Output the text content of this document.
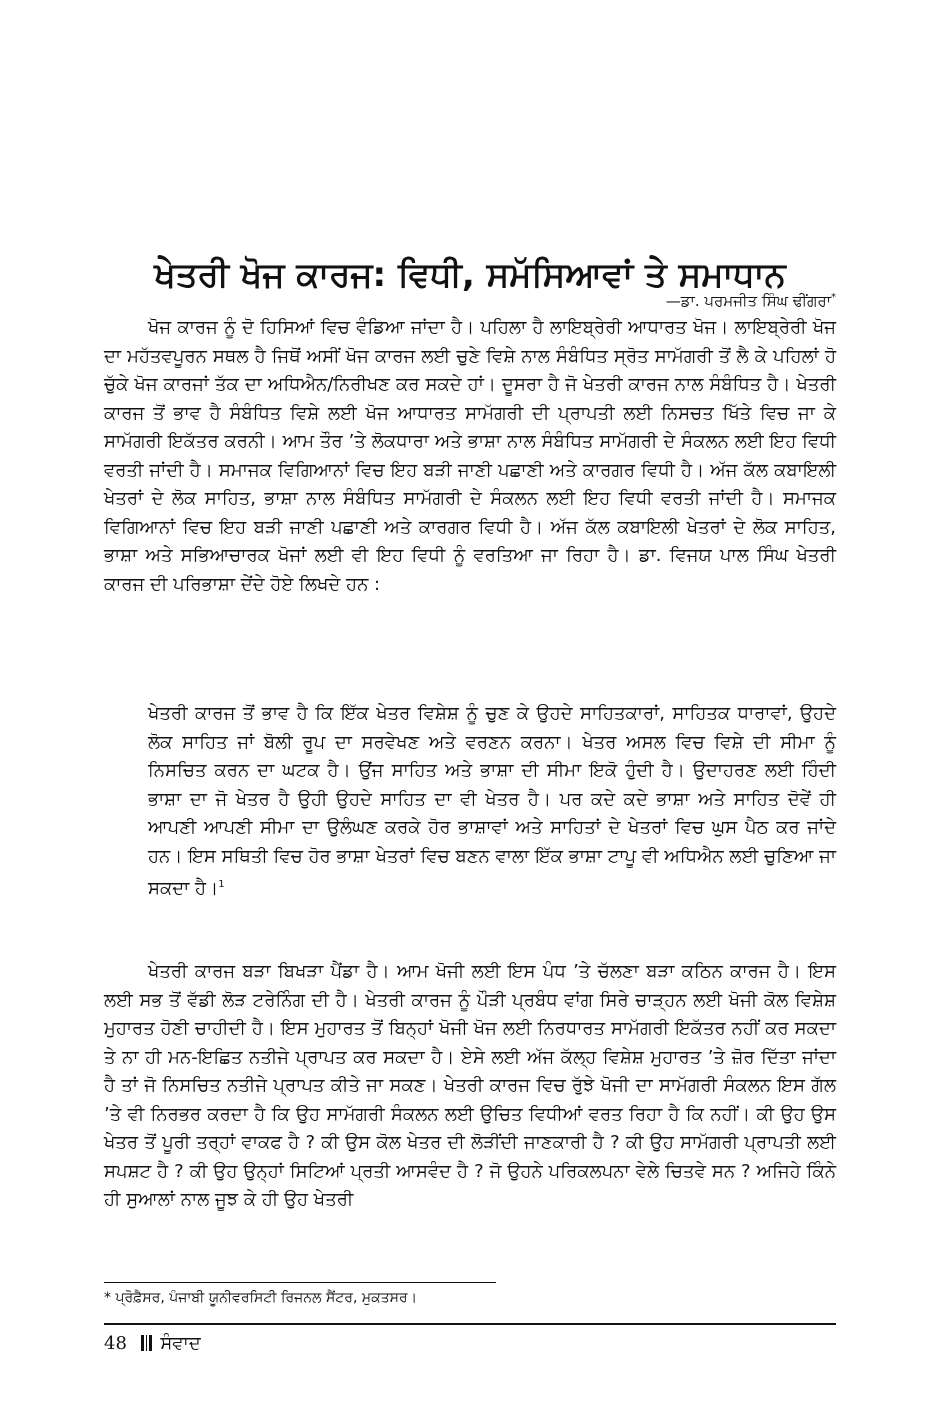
ਖੇਤਰੀ ਖੋਜ ਕਾਰਜ: ਵਿਧੀ, ਸਮੱਸਿਆਵਾਂ ਤੇ ਸਮਾਧਾਨ
—ਡਾ. ਪਰਮਜੀਤ ਸਿੰਘ ਢੀਂਗਰਾ*

ਖੋਜ ਕਾਰਜ ਨੂੰ ਦੋ ਹਿਸਿਆਂ ਵਿਚ ਵੰਡਿਆ ਜਾਂਦਾ ਹੈ। ਪਹਿਲਾ ਹੈ ਲਾਇਬ੍ਰੇਰੀ ਆਧਾਰਤ ਖੋਜ। ਲਾਇਬ੍ਰੇਰੀ ਖੋਜ ਦਾ ਮਹੱਤਵਪੂਰਨ ਸਥਲ ਹੈ ਜਿਥੋਂ ਅਸੀਂ ਖੋਜ ਕਾਰਜ ਲਈ ਚੁਣੇ ਵਿਸ਼ੇ ਨਾਲ ਸੰਬੰਧਿਤ ਸ੍ਰੋਤ ਸਾਮੱਗਰੀ ਤੋਂ ਲੈ ਕੇ ਪਹਿਲਾਂ ਹੋ ਚੁੱਕੇ ਖੋਜ ਕਾਰਜਾਂ ਤੱਕ ਦਾ ਅਧਿਐਨ/ਨਿਰੀਖਣ ਕਰ ਸਕਦੇ ਹਾਂ। ਦੂਸਰਾ ਹੈ ਜੋ ਖੇਤਰੀ ਕਾਰਜ ਨਾਲ ਸੰਬੰਧਿਤ ਹੈ। ਖੇਤਰੀ ਕਾਰਜ ਤੋਂ ਭਾਵ ਹੈ ਸੰਬੰਧਿਤ ਵਿਸ਼ੇ ਲਈ ਖੋਜ ਆਧਾਰਤ ਸਾਮੱਗਰੀ ਦੀ ਪ੍ਰਾਪਤੀ ਲਈ ਨਿਸਚਤ ਖਿੱਤੇ ਵਿਚ ਜਾ ਕੇ ਸਾਮੱਗਰੀ ਇਕੱਤਰ ਕਰਨੀ। ਆਮ ਤੌਰ ’ਤੇ ਲੋਕਧਾਰਾ ਅਤੇ ਭਾਸ਼ਾ ਨਾਲ ਸੰਬੰਧਿਤ ਸਾਮੱਗਰੀ ਦੇ ਸੰਕਲਨ ਲਈ ਇਹ ਵਿਧੀ ਵਰਤੀ ਜਾਂਦੀ ਹੈ। ਸਮਾਜਕ ਵਿਗਿਆਨਾਂ ਵਿਚ ਇਹ ਬੜੀ ਜਾਣੀ ਪਛਾਣੀ ਅਤੇ ਕਾਰਗਰ ਵਿਧੀ ਹੈ। ਅੱਜ ਕੱਲ ਕਬਾਇਲੀ ਖੇਤਰਾਂ ਦੇ ਲੋਕ ਸਾਹਿਤ, ਭਾਸ਼ਾ ਨਾਲ ਸੰਬੰਧਿਤ ਸਾਮੱਗਰੀ ਦੇ ਸੰਕਲਨ ਲਈ ਇਹ ਵਿਧੀ ਵਰਤੀ ਜਾਂਦੀ ਹੈ। ਸਮਾਜਕ ਵਿਗਿਆਨਾਂ ਵਿਚ ਇਹ ਬੜੀ ਜਾਣੀ ਪਛਾਣੀ ਅਤੇ ਕਾਰਗਰ ਵਿਧੀ ਹੈ। ਅੱਜ ਕੱਲ ਕਬਾਇਲੀ ਖੇਤਰਾਂ ਦੇ ਲੋਕ ਸਾਹਿਤ, ਭਾਸ਼ਾ ਅਤੇ ਸਭਿਆਚਾਰਕ ਖੋਜਾਂ ਲਈ ਵੀ ਇਹ ਵਿਧੀ ਨੂੰ ਵਰਤਿਆ ਜਾ ਰਿਹਾ ਹੈ। ਡਾ. ਵਿਜਯ ਪਾਲ ਸਿੰਘ ਖੇਤਰੀ ਕਾਰਜ ਦੀ ਪਰਿਭਾਸ਼ਾ ਦੇਂਦੇ ਹੋਏ ਲਿਖਦੇ ਹਨ :

ਖੇਤਰੀ ਕਾਰਜ ਤੋਂ ਭਾਵ ਹੈ ਕਿ ਇੱਕ ਖੇਤਰ ਵਿਸ਼ੇਸ਼ ਨੂੰ ਚੁਣ ਕੇ ਉਹਦੇ ਸਾਹਿਤਕਾਰਾਂ, ਸਾਹਿਤਕ ਧਾਰਾਵਾਂ, ਉਹਦੇ ਲੋਕ ਸਾਹਿਤ ਜਾਂ ਬੋਲੀ ਰੂਪ ਦਾ ਸਰਵੇਖਣ ਅਤੇ ਵਰਣਨ ਕਰਨਾ। ਖੇਤਰ ਅਸਲ ਵਿਚ ਵਿਸ਼ੇ ਦੀ ਸੀਮਾ ਨੂੰ ਨਿਸਚਿਤ ਕਰਨ ਦਾ ਘਟਕ ਹੈ। ਉਂਜ ਸਾਹਿਤ ਅਤੇ ਭਾਸ਼ਾ ਦੀ ਸੀਮਾ ਇਕੋ ਹੁੰਦੀ ਹੈ। ਉਦਾਹਰਣ ਲਈ ਹਿੰਦੀ ਭਾਸ਼ਾ ਦਾ ਜੋ ਖੇਤਰ ਹੈ ਉਹੀ ਉਹਦੇ ਸਾਹਿਤ ਦਾ ਵੀ ਖੇਤਰ ਹੈ। ਪਰ ਕਦੇ ਕਦੇ ਭਾਸ਼ਾ ਅਤੇ ਸਾਹਿਤ ਦੋਵੇਂ ਹੀ ਆਪਣੀ ਆਪਣੀ ਸੀਮਾ ਦਾ ਉਲੰਘਣ ਕਰਕੇ ਹੋਰ ਭਾਸ਼ਾਵਾਂ ਅਤੇ ਸਾਹਿਤਾਂ ਦੇ ਖੇਤਰਾਂ ਵਿਚ ਘੁਸ ਪੈਠ ਕਰ ਜਾਂਦੇ ਹਨ। ਇਸ ਸਥਿਤੀ ਵਿਚ ਹੋਰ ਭਾਸ਼ਾ ਖੇਤਰਾਂ ਵਿਚ ਬਣਨ ਵਾਲਾ ਇੱਕ ਭਾਸ਼ਾ ਟਾਪੂ ਵੀ ਅਧਿਐਨ ਲਈ ਚੁਣਿਆ ਜਾ ਸਕਦਾ ਹੈ।$^1$

ਖੇਤਰੀ ਕਾਰਜ ਬੜਾ ਬਿਖੜਾ ਪੈਂਡਾ ਹੈ। ਆਮ ਖੋਜੀ ਲਈ ਇਸ ਪੰਧ ’ਤੇ ਚੱਲਣਾ ਬੜਾ ਕਠਿਨ ਕਾਰਜ ਹੈ। ਇਸ ਲਈ ਸਭ ਤੋਂ ਵੱਡੀ ਲੋੜ ਟਰੇਨਿੰਗ ਦੀ ਹੈ। ਖੇਤਰੀ ਕਾਰਜ ਨੂੰ ਪੌੜੀ ਪ੍ਰਬੰਧ ਵਾਂਗ ਸਿਰੇ ਚਾੜ੍ਹਨ ਲਈ ਖੋਜੀ ਕੋਲ ਵਿਸ਼ੇਸ਼ ਮੁਹਾਰਤ ਹੋਣੀ ਚਾਹੀਦੀ ਹੈ। ਇਸ ਮੁਹਾਰਤ ਤੋਂ ਬਿਨ੍ਹਾਂ ਖੋਜੀ ਖੋਜ ਲਈ ਨਿਰਧਾਰਤ ਸਾਮੱਗਰੀ ਇਕੱਤਰ ਨਹੀਂ ਕਰ ਸਕਦਾ ਤੇ ਨਾ ਹੀ ਮਨ-ਇਛਿਤ ਨਤੀਜੇ ਪ੍ਰਾਪਤ ਕਰ ਸਕਦਾ ਹੈ। ਏਸੇ ਲਈ ਅੱਜ ਕੱਲ੍ਹ ਵਿਸ਼ੇਸ਼ ਮੁਹਾਰਤ ’ਤੇ ਜ਼ੋਰ ਦਿੱਤਾ ਜਾਂਦਾ ਹੈ ਤਾਂ ਜੋ ਨਿਸਚਿਤ ਨਤੀਜੇ ਪ੍ਰਾਪਤ ਕੀਤੇ ਜਾ ਸਕਣ। ਖੇਤਰੀ ਕਾਰਜ ਵਿਚ ਰੁੱਝੇ ਖੋਜੀ ਦਾ ਸਾਮੱਗਰੀ ਸੰਕਲਨ ਇਸ ਗੱਲ ’ਤੇ ਵੀ ਨਿਰਭਰ ਕਰਦਾ ਹੈ ਕਿ ਉਹ ਸਾਮੱਗਰੀ ਸੰਕਲਨ ਲਈ ਉਚਿਤ ਵਿਧੀਆਂ ਵਰਤ ਰਿਹਾ ਹੈ ਕਿ ਨਹੀਂ। ਕੀ ਉਹ ਉਸ ਖੇਤਰ ਤੋਂ ਪੂਰੀ ਤਰ੍ਹਾਂ ਵਾਕਫ ਹੈ ? ਕੀ ਉਸ ਕੋਲ ਖੇਤਰ ਦੀ ਲੋੜੀਂਦੀ ਜਾਣਕਾਰੀ ਹੈ ? ਕੀ ਉਹ ਸਾਮੱਗਰੀ ਪ੍ਰਾਪਤੀ ਲਈ ਸਪਸ਼ਟ ਹੈ ? ਕੀ ਉਹ ਉਨ੍ਹਾਂ ਸਿਟਿਆਂ ਪ੍ਰਤੀ ਆਸਵੰਦ ਹੈ ? ਜੋ ਉਹਨੇ ਪਰਿਕਲਪਨਾ ਵੇਲੇ ਚਿਤਵੇ ਸਨ ? ਅਜਿਹੇ ਕਿੰਨੇ ਹੀ ਸੁਆਲਾਂ ਨਾਲ ਜੂਝ ਕੇ ਹੀ ਉਹ ਖੇਤਰੀ

* ਪ੍ਰੋਫ਼ੈਸਰ, ਪੰਜਾਬੀ ਯੂਨੀਵਰਸਿਟੀ ਰਿਜਨਲ ਸੈਂਟਰ, ਮੁਕਤਸਰ।
48 ਸੰਵਾਦ
